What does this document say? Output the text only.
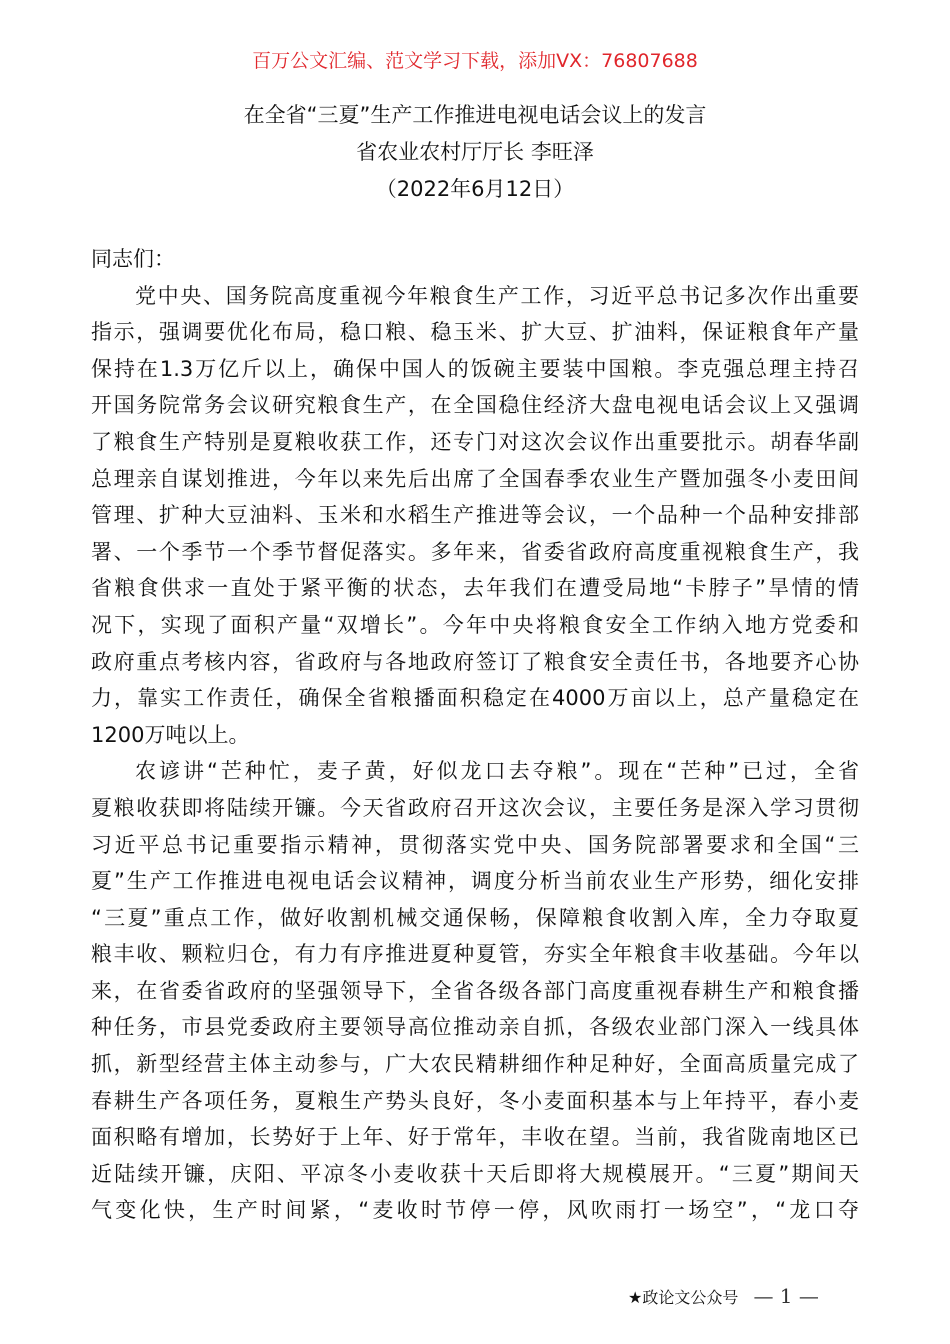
百万公文汇编、范文学习下载，添加VX：76807688
在全省“三夏”生产工作推进电视电话会议上的发言
省农业农村厅厅长 李旺泽
（2022年6月12日）
同志们：
党中央、国务院高度重视今年粮食生产工作，习近平总书记多次作出重要
指示，强调要优化布局，稳口粮、稳玉米、扩大豆、扩油料，保证粮食年产量
保持在1.3万亿斤以上，确保中国人的饭碗主要装中国粮。李克强总理主持召
开国务院常务会议研究粮食生产，在全国稳住经济大盘电视电话会议上又强调
了粮食生产特别是夏粮收获工作，还专门对这次会议作出重要批示。胡春华副
总理亲自谋划推进，今年以来先后出席了全国春季农业生产暨加强冬小麦田间
管理、扩种大豆油料、玉米和水稻生产推进等会议，一个品种一个品种安排部
署、一个季节一个季节督促落实。多年来，省委省政府高度重视粮食生产，我
省粮食供求一直处于紧平衡的状态，去年我们在遭受局地“卡脖子”旱情的情
况下，实现了面积产量“双增长”。今年中央将粮食安全工作纳入地方党委和
政府重点考核内容，省政府与各地政府签订了粮食安全责任书，各地要齐心协
力，靠实工作责任，确保全省粮播面积稳定在4000万亩以上，总产量稳定在
1200万吨以上。
农谚讲“芒种忙，麦子黄，好似龙口去夺粮”。现在“芒种”已过，全省
夏粮收获即将陆续开镰。今天省政府召开这次会议，主要任务是深入学习贯彻
习近平总书记重要指示精神，贯彻落实党中央、国务院部署要求和全国“三
夏”生产工作推进电视电话会议精神，调度分析当前农业生产形势，细化安排
“三夏”重点工作，做好收割机械交通保畅，保障粮食收割入库，全力夺取夏
粮丰收、颗粒归仓，有力有序推进夏种夏管，夯实全年粮食丰收基础。今年以
来，在省委省政府的坚强领导下，全省各级各部门高度重视春耕生产和粮食播
种任务，市县党委政府主要领导高位推动亲自抓，各级农业部门深入一线具体
抓，新型经营主体主动参与，广大农民精耕细作种足种好，全面高质量完成了
春耕生产各项任务，夏粮生产势头良好，冬小麦面积基本与上年持平，春小麦
面积略有增加，长势好于上年、好于常年，丰收在望。当前，我省陇南地区已
近陆续开镰，庆阳、平凉冬小麦收获十天后即将大规模展开。“三夏”期间天
气变化快，生产时间紧，“麦收时节停一停，风吹雨打一场空”，“龙口夺
★政论文公众号 — 1 —
